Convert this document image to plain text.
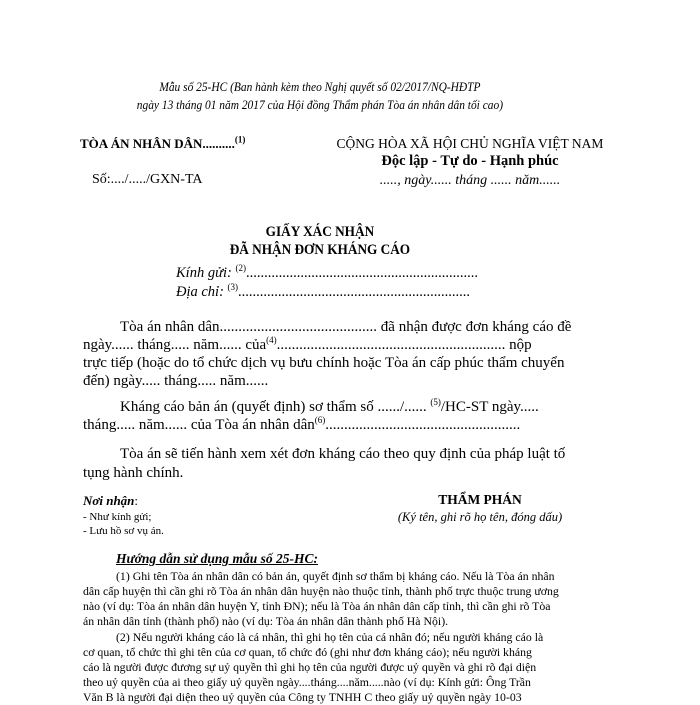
Mẫu số 25-HC (Ban hành kèm theo Nghị quyết số 02/2017/NQ-HĐTP
ngày 13 tháng 01 năm 2017 của Hội đồng Thẩm phán Tòa án nhân dân tối cao)
TÒA ÁN NHÂN DÂN..........$^{(1)}$
Số:..../...../GXN-TA
CỘNG HÒA XÃ HỘI CHỦ NGHĨA VIỆT NAM
Độc lập - Tự do - Hạnh phúc
....., ngày...... tháng ...... năm......
GIẤY XÁC NHẬN
ĐÃ NHẬN ĐƠN KHÁNG CÁO
Kính gửi: $^{(2)}$................................................................
Địa chỉ: $^{(3)}$................................................................
Tòa án nhân dân.......................................... đã nhận được đơn kháng cáo đề
ngày...... tháng..... năm...... của$^{(4)}$............................................................. nộp
trực tiếp (hoặc do tổ chức dịch vụ bưu chính hoặc Tòa án cấp phúc thẩm chuyển
đến) ngày..... tháng..... năm......
Kháng cáo bản án (quyết định) sơ thẩm số ....../...... $^{(5)}$/HC-ST ngày.....
tháng..... năm...... của Tòa án nhân dân$^{(6)}$....................................................
Tòa án sẽ tiến hành xem xét đơn kháng cáo theo quy định của pháp luật tố
tụng hành chính.
Nơi nhận:
- Như kính gửi;
- Lưu hồ sơ vụ án.
THẨM PHÁN
(Ký tên, ghi rõ họ tên, đóng dấu)
Hướng dẫn sử dụng mẫu số 25-HC:
(1) Ghi tên Tòa án nhân dân có bản án, quyết định sơ thẩm bị kháng cáo. Nếu là Tòa án nhân
dân cấp huyện thì cần ghi rõ Tòa án nhân dân huyện nào thuộc tỉnh, thành phố trực thuộc trung ương
nào (ví dụ: Tòa án nhân dân huyện Y, tỉnh ĐN); nếu là Tòa án nhân dân cấp tỉnh, thì cần ghi rõ Tòa
án nhân dân tỉnh (thành phố) nào (ví dụ: Tòa án nhân dân thành phố Hà Nội).
(2) Nếu người kháng cáo là cá nhân, thì ghi họ tên của cá nhân đó; nếu người kháng cáo là
cơ quan, tổ chức thì ghi tên của cơ quan, tổ chức đó (ghi như đơn kháng cáo); nếu người kháng
cáo là người được đương sự uỷ quyền thì ghi họ tên của người được uỷ quyền và ghi rõ đại diện
theo uỷ quyền của ai theo giấy uỷ quyền ngày....tháng....năm.....nào (ví dụ: Kính gửi: Ông Trần
Văn B là người đại diện theo uỷ quyền của Công ty TNHH C theo giấy uỷ quyền ngày 10-03
